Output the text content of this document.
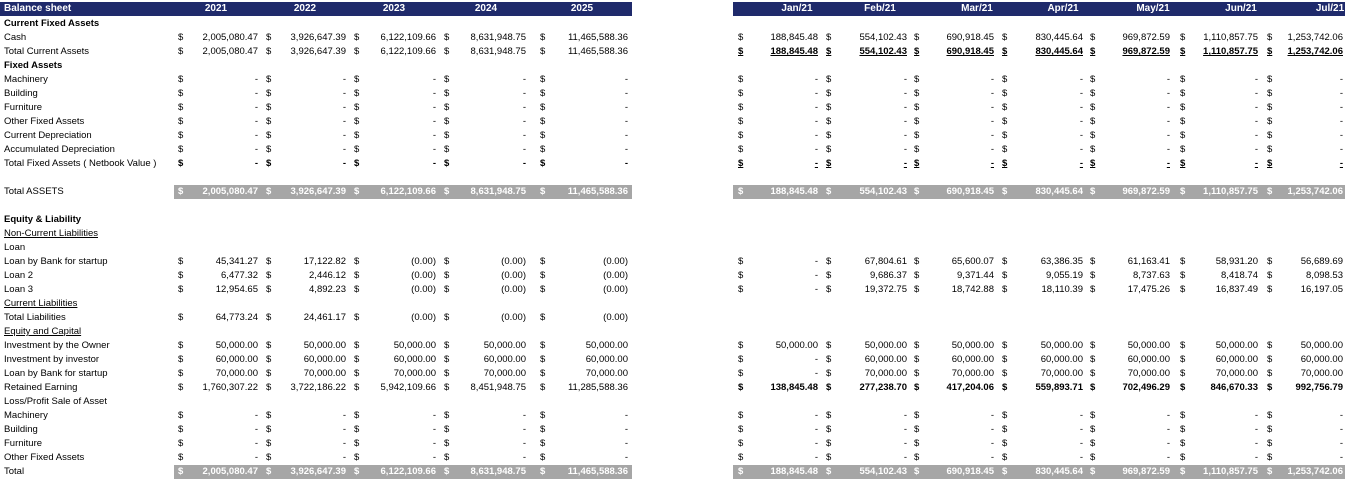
Balance sheet	2021	2022	2023	2024	2025	Jan/21	Feb/21	Mar/21	Apr/21	May/21	Jun/21	Jul/21
Current Fixed Assets
Cash	$ 2,005,080.47 $ 3,926,647.39 $ 6,122,109.66 $ 8,631,948.75 $ 11,465,588.36	$	188,845.48 $	554,102.43 $	690,918.45 $	830,445.64 $	969,872.59 $ 1,110,857.75 $ 1,253,742.06
Total Current Assets	$ 2,005,080.47 $ 3,926,647.39 $ 6,122,109.66 $ 8,631,948.75 $ 11,465,588.36	$	188,845.48 $	554,102.43 $	690,918.45 $	830,445.64 $	969,872.59 $ 1,110,857.75 $ 1,253,742.06
Fixed Assets
Machinery	$	- $	- $	- $	- $	-	$	- $	- $	- $	- $	- $	- $	-
Building	$	- $	- $	- $	- $	-	$	- $	- $	- $	- $	- $	- $	-
Furniture	$	- $	- $	- $	- $	-	$	- $	- $	- $	- $	- $	- $	-
Other Fixed Assets	$	- $	- $	- $	- $	-	$	- $	- $	- $	- $	- $	- $	-
Current Depreciation	$	- $	- $	- $	- $	-	$	- $	- $	- $	- $	- $	- $	-
Accumulated Depreciation	$	- $	- $	- $	- $	-	$	- $	- $	- $	- $	- $	- $	-
Total Fixed Assets ( Netbook Value ) $	- $	- $	- $	- $	-	$	- $	- $	- $	- $	- $	- $	-
Total ASSETS	$ 2,005,080.47 $ 3,926,647.39 $ 6,122,109.66 $ 8,631,948.75 $ 11,465,588.36	$	188,845.48 $	554,102.43 $	690,918.45 $	830,445.64 $	969,872.59 $ 1,110,857.75 $ 1,253,742.06
Equity & Liability
Non-Current Liabilities
Loan
Loan by Bank for startup	$	45,341.27 $	17,122.82 $	(0.00) $	(0.00) $	(0.00)	$	- $	67,804.61 $	65,600.07 $	63,386.35 $	61,163.41 $	58,931.20 $	56,689.69
Loan 2	$	6,477.32 $	2,446.12 $	(0.00) $	(0.00) $	(0.00)	$	- $	9,686.37 $	9,371.44 $	9,055.19 $	8,737.63 $	8,418.74 $	8,098.53
Loan 3	$	12,954.65 $	4,892.23 $	(0.00) $	(0.00) $	(0.00)	$	- $	19,372.75 $	18,742.88 $	18,110.39 $	17,475.26 $	16,837.49 $	16,197.05
Current Liabilities
Total Liabilities	$	64,773.24 $	24,461.17 $	(0.00) $	(0.00) $	(0.00)
Equity and Capital
Investment by the Owner	$	50,000.00 $	50,000.00 $	50,000.00 $	50,000.00 $	50,000.00	$	50,000.00 $	50,000.00 $	50,000.00 $	50,000.00 $	50,000.00 $	50,000.00 $	50,000.00
Investment by investor	$	60,000.00 $	60,000.00 $	60,000.00 $	60,000.00 $	60,000.00	$	- $	60,000.00 $	60,000.00 $	60,000.00 $	60,000.00 $	60,000.00 $	60,000.00
Loan by Bank for startup	$	70,000.00 $	70,000.00 $	70,000.00 $	70,000.00 $	70,000.00	$	- $	70,000.00 $	70,000.00 $	70,000.00 $	70,000.00 $	70,000.00 $	70,000.00
Retained Earning	$ 1,760,307.22 $ 3,722,186.22 $ 5,942,109.66 $ 8,451,948.75 $ 11,285,588.36	$	138,845.48 $	277,238.70 $	417,204.06 $	559,893.71 $	702,496.29 $	846,670.33 $ 992,756.79
Loss/Profit Sale of Asset
Machinery	$	- $	- $	- $	- $	-	$	- $	- $	- $	- $	- $	- $	-
Building	$	- $	- $	- $	- $	-	$	- $	- $	- $	- $	- $	- $	-
Furniture	$	- $	- $	- $	- $	-	$	- $	- $	- $	- $	- $	- $	-
Other Fixed Assets	$	- $	- $	- $	- $	-	$	- $	- $	- $	- $	- $	- $	-
Total	$ 2,005,080.47 $ 3,926,647.39 $ 6,122,109.66 $ 8,631,948.75 $ 11,465,588.36	$	188,845.48 $	554,102.43 $	690,918.45 $	830,445.64 $	969,872.59 $ 1,110,857.75 $ 1,253,742.06
